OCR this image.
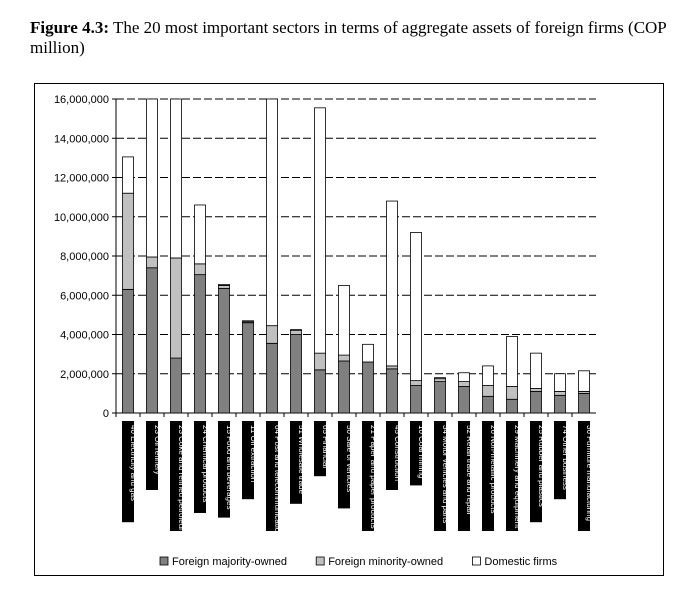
Figure 4.3: The 20 most important sectors in terms of aggregate assets of foreign firms (COP million)
0
2,000,000
4,000,000
6,000,000
8,000,000
10,000,000
12,000,000
14,000,000
16,000,000
40 Electricity and gas 23 Oil refinery 23 Coke and refined petroleum 24 Chemical products 15 Food and beverages 11 Oil extraction 64 Post and telecommunications 51 Wholesale trade 65 Financial 50 Sale of vehicles 21 Paper and paper products 45 Construction 10 Coal mining 34 Motor vehicles and parts 52 Retail trade and repair 26 Non-metallic products 29 Machinery and equipment 25 Rubber and plastics 74 Other business 36 Furniture manufacturing
Foreign majority-owned	Foreign minority-owned	Domestic firms
